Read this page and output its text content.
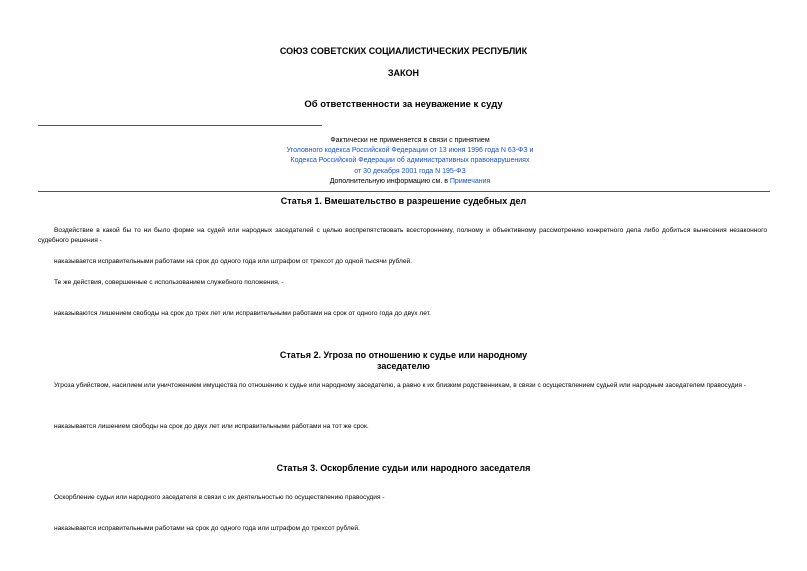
СОЮЗ СОВЕТСКИХ СОЦИАЛИСТИЧЕСКИХ РЕСПУБЛИК
ЗАКОН
Об ответственности за неуважение к суду
Фактически не применяется в связи с принятием
Уголовного кодекса Российской Федерации от 13 июня 1996 года N 63-ФЗ и
Кодекса Российской Федерации об административных правонарушениях
от 30 декабря 2001 года N 195-ФЗ
Дополнительную информацию см. в Примечания
Статья 1. Вмешательство в разрешение судебных дел
Воздействие в какой бы то ни было форме на судей или народных заседателей с целью воспрепятствовать всестороннему, полному и объективному рассмотрению конкретного дела либо добиться вынесения незаконного судебного решения -
наказывается исправительными работами на срок до одного года или штрафом от трехсот до одной тысячи рублей.
Те же действия, совершенные с использованием служебного положения, -
наказываются лишением свободы на срок до трех лет или исправительными работами на срок от одного года до двух лет.
Статья 2. Угроза по отношению к судье или народному
заседателю
Угроза убийством, насилием или уничтожением имущества по отношению к судье или народному заседателю, а равно к их близким родственникам, в связи с осуществлением судьей или народным заседателем правосудия -
наказывается лишением свободы на срок до двух лет или исправительными работами на тот же срок.
Статья 3. Оскорбление судьи или народного заседателя
Оскорбление судьи или народного заседателя в связи с их деятельностью по осуществлению правосудия -
наказывается исправительными работами на срок до одного года или штрафом до трехсот рублей.
